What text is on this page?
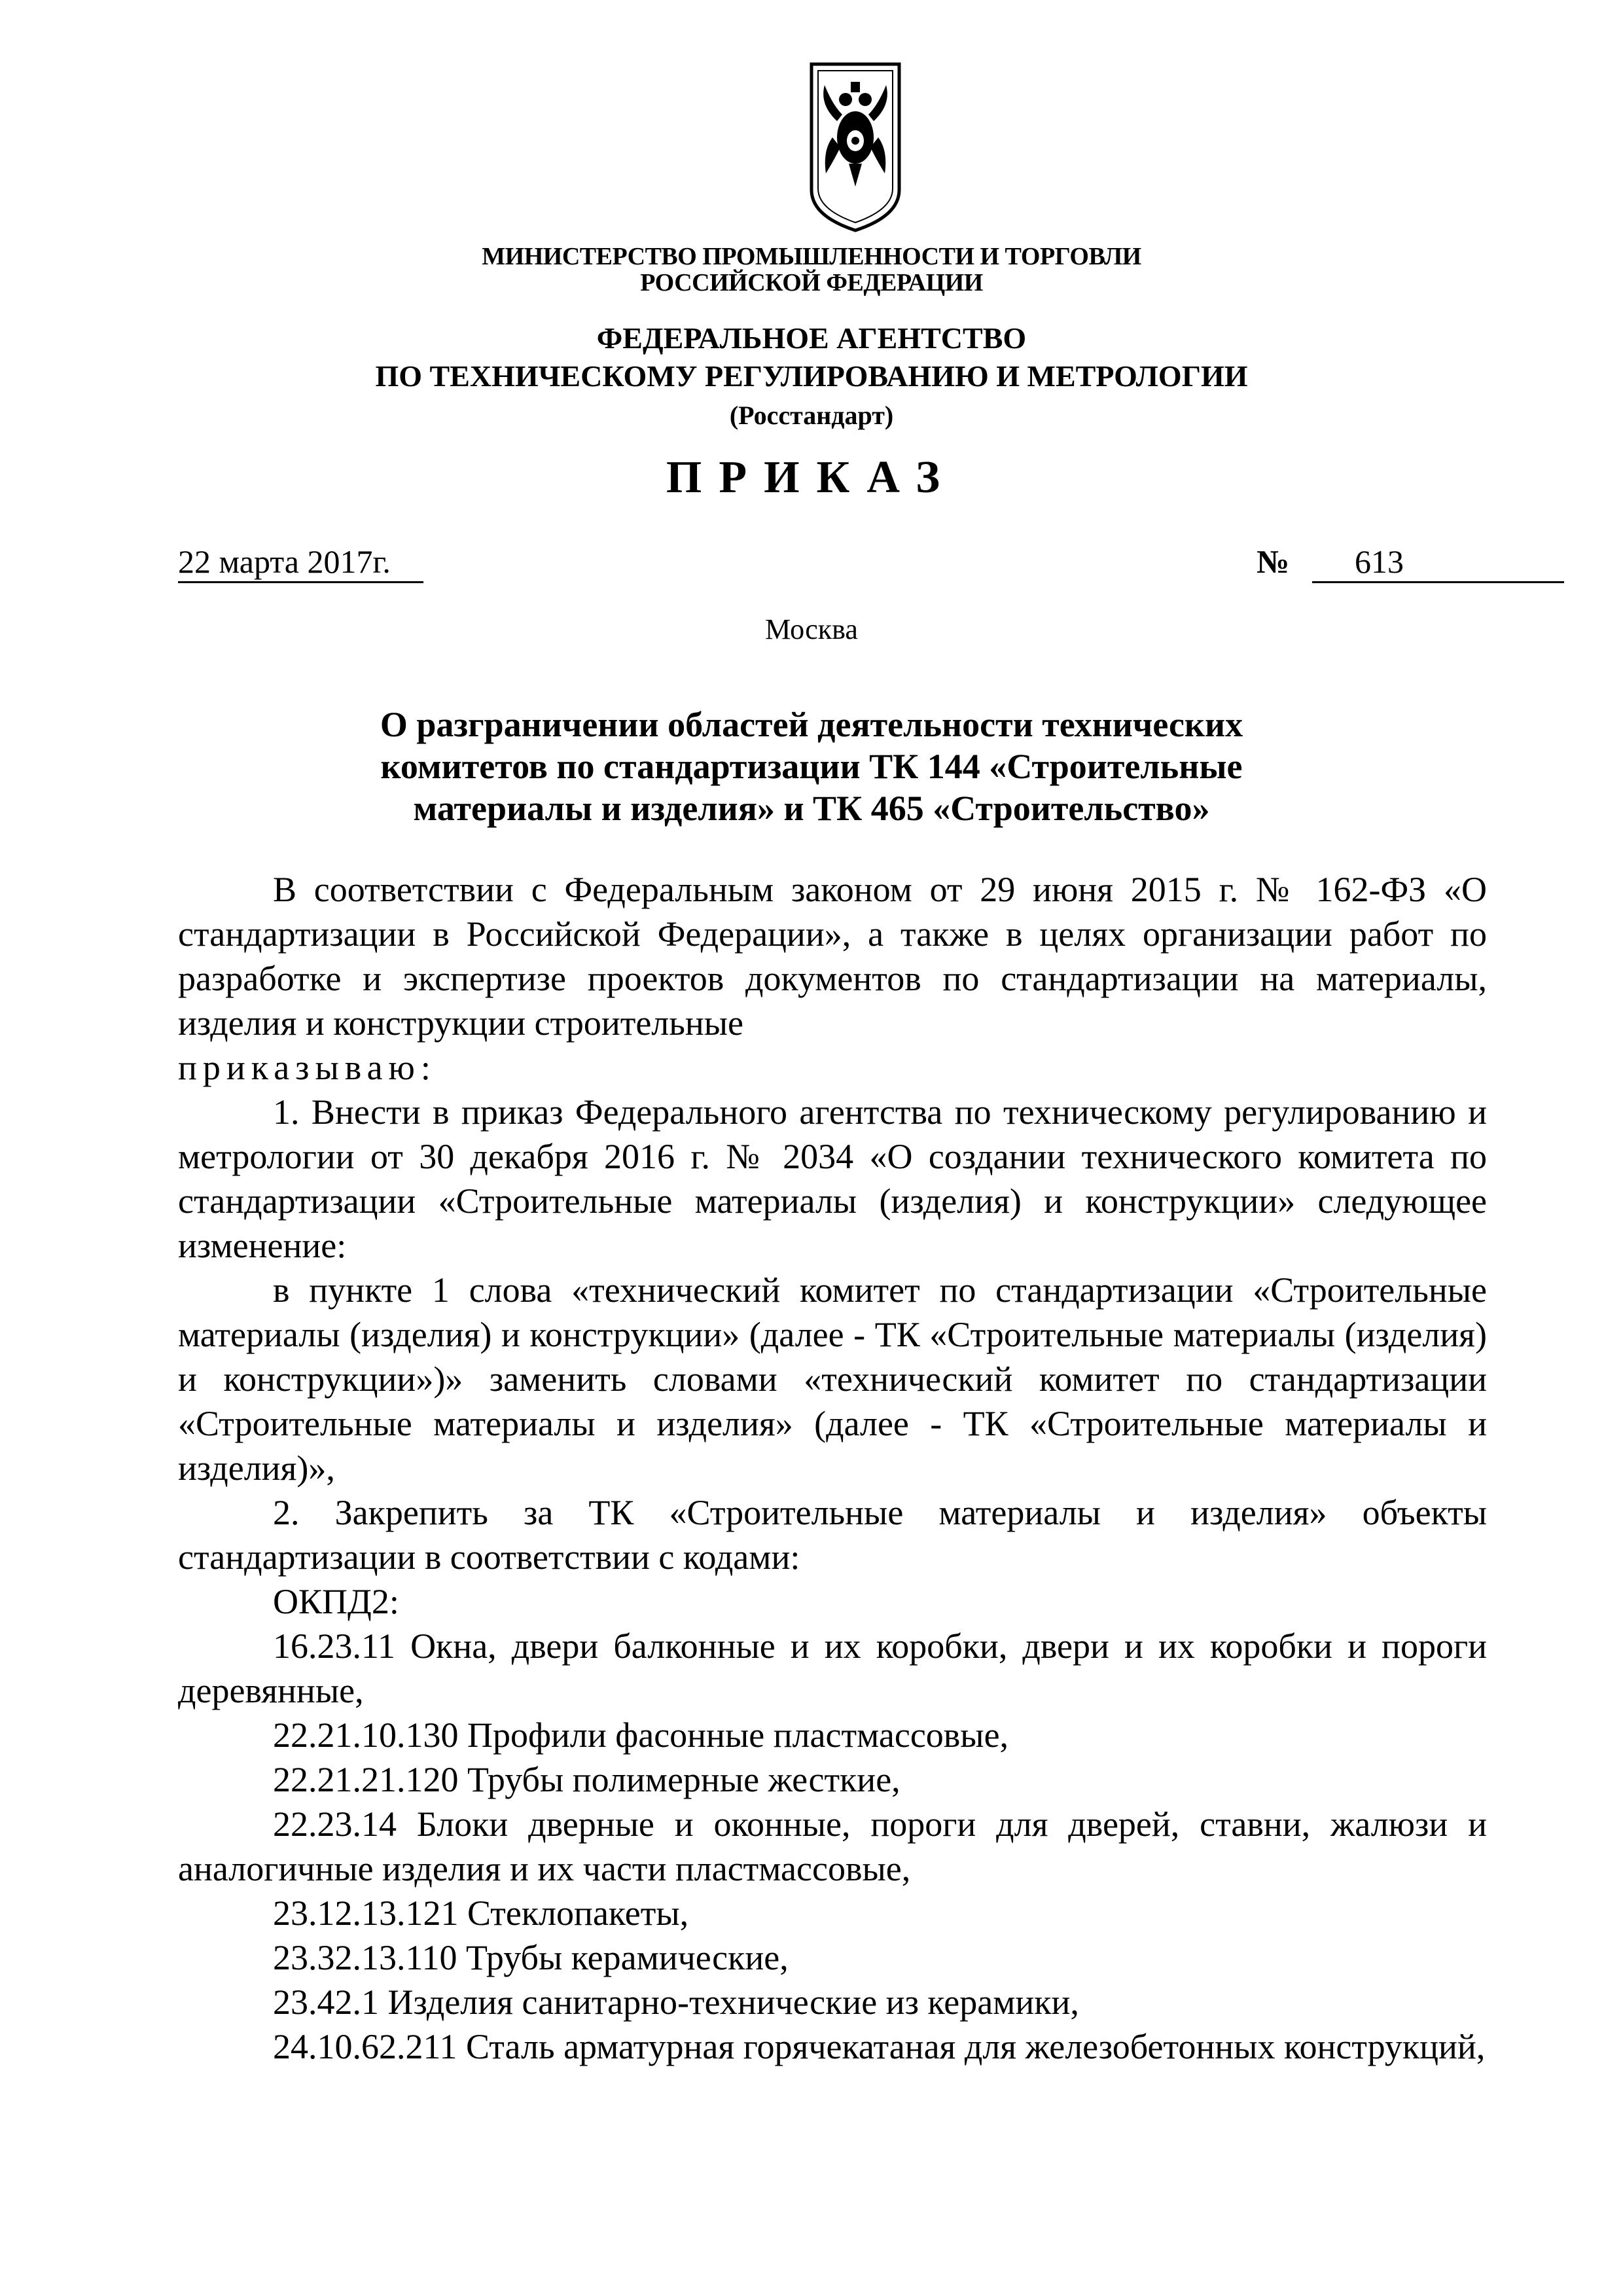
МИНИСТЕРСТВО ПРОМЫШЛЕННОСТИ И ТОРГОВЛИ
РОССИЙСКОЙ ФЕДЕРАЦИИ
ФЕДЕРАЛЬНОЕ АГЕНТСТВО
ПО ТЕХНИЧЕСКОМУ РЕГУЛИРОВАНИЮ И МЕТРОЛОГИИ
(Росстандарт)
ПРИКАЗ
22 марта 2017г.	№ 613
Москва
О разграничении областей деятельности технических
комитетов по стандартизации ТК 144 «Строительные
материалы и изделия» и ТК 465 «Строительство»

В соответствии с Федеральным законом от 29 июня 2015 г. № 162-ФЗ «О стандартизации в Российской Федерации», а также в целях организации работ по разработке и экспертизе проектов документов по стандартизации на материалы, изделия и конструкции строительные

приказываю:

1. Внести в приказ Федерального агентства по техническому регулированию и метрологии от 30 декабря 2016 г. № 2034 «О создании технического комитета по стандартизации «Строительные материалы (изделия) и конструкции» следующее изменение:

в пункте 1 слова «технический комитет по стандартизации «Строительные материалы (изделия) и конструкции» (далее - ТК «Строительные материалы (изделия) и конструкции»)» заменить словами «технический комитет по стандартизации «Строительные материалы и изделия» (далее - ТК «Строительные материалы и изделия)»,

2. Закрепить за ТК «Строительные материалы и изделия» объекты стандартизации в соответствии с кодами:

ОКПД2:

16.23.11 Окна, двери балконные и их коробки, двери и их коробки и пороги деревянные,

22.21.10.130 Профили фасонные пластмассовые,

22.21.21.120 Трубы полимерные жесткие,

22.23.14 Блоки дверные и оконные, пороги для дверей, ставни, жалюзи и аналогичные изделия и их части пластмассовые,

23.12.13.121 Стеклопакеты,

23.32.13.110 Трубы керамические,

23.42.1 Изделия санитарно-технические из керамики,

24.10.62.211 Сталь арматурная горячекатаная для железобетонных конструкций,
